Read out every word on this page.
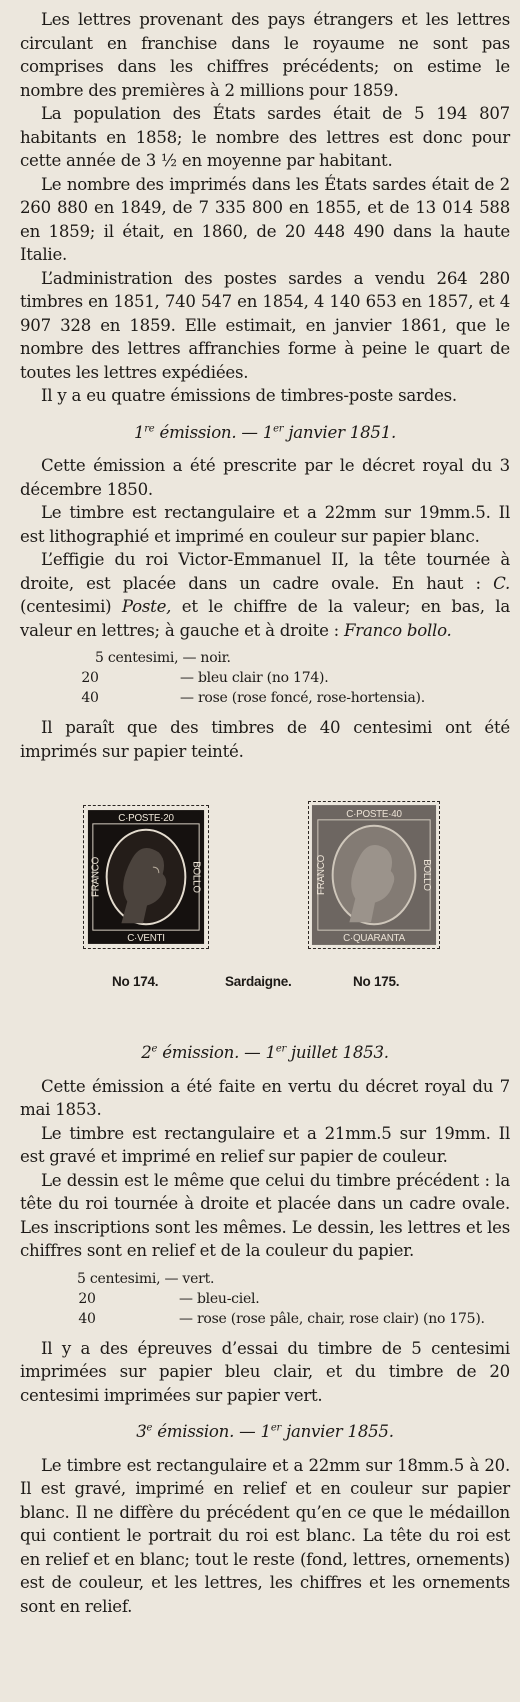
Les lettres provenant des pays étrangers et les lettres circulant en franchise dans le royaume ne sont pas comprises dans les chiffres précédents; on estime le nombre des premières à 2 millions pour 1859.

La population des États sardes était de 5 194 807 habitants en 1858; le nombre des lettres est donc pour cette année de 3 ½ en moyenne par habitant.

Le nombre des imprimés dans les États sardes était de 2 260 880 en 1849, de 7 335 800 en 1855, et de 13 014 588 en 1859; il était, en 1860, de 20 448 490 dans la haute Italie.

L’administration des postes sardes a vendu 264 280 timbres en 1851, 740 547 en 1854, 4 140 653 en 1857, et 4 907 328 en 1859. Elle estimait, en janvier 1861, que le nombre des lettres affranchies forme à peine le quart de toutes les lettres expédiées.

Il y a eu quatre émissions de timbres-poste sardes.

1re émission. — 1er janvier 1851.

Cette émission a été prescrite par le décret royal du 3 décembre 1850.

Le timbre est rectangulaire et a 22mm sur 19mm.5. Il est lithographié et imprimé en couleur sur papier blanc.

L’effigie du roi Victor-Emmanuel II, la tête tournée à droite, est placée dans un cadre ovale. En haut : C. (centesimi) Poste, et le chiffre de la valeur; en bas, la valeur en lettres; à gauche et à droite : Franco bollo.

5 centesimi, — noir.
20	— bleu clair (no 174).
40	— rose (rose foncé, rose-hortensia).

Il paraît que des timbres de 40 centesimi ont été imprimés sur papier teinté.

C·POSTE·20
C·VENTI
FRANCO	BOLLO
C·POSTE·40
C·QUARANTA
FRANCO	BOLLO
No 174.	Sardaigne.	No 175.
2e émission. — 1er juillet 1853.

Cette émission a été faite en vertu du décret royal du 7 mai 1853.

Le timbre est rectangulaire et a 21mm.5 sur 19mm. Il est gravé et imprimé en relief sur papier de couleur.

Le dessin est le même que celui du timbre précédent : la tête du roi tournée à droite et placée dans un cadre ovale. Les inscriptions sont les mêmes. Le dessin, les lettres et les chiffres sont en relief et de la couleur du papier.

5 centesimi, — vert.
20	— bleu-ciel.
40	— rose (rose pâle, chair, rose clair) (no 175).

Il y a des épreuves d’essai du timbre de 5 centesimi imprimées sur papier bleu clair, et du timbre de 20 centesimi imprimées sur papier vert.

3e émission. — 1er janvier 1855.

Le timbre est rectangulaire et a 22mm sur 18mm.5 à 20. Il est gravé, imprimé en relief et en couleur sur papier blanc. Il ne diffère du précédent qu’en ce que le médaillon qui contient le portrait du roi est blanc. La tête du roi est en relief et en blanc; tout le reste (fond, lettres, ornements) est de couleur, et les lettres, les chiffres et les ornements sont en relief.
